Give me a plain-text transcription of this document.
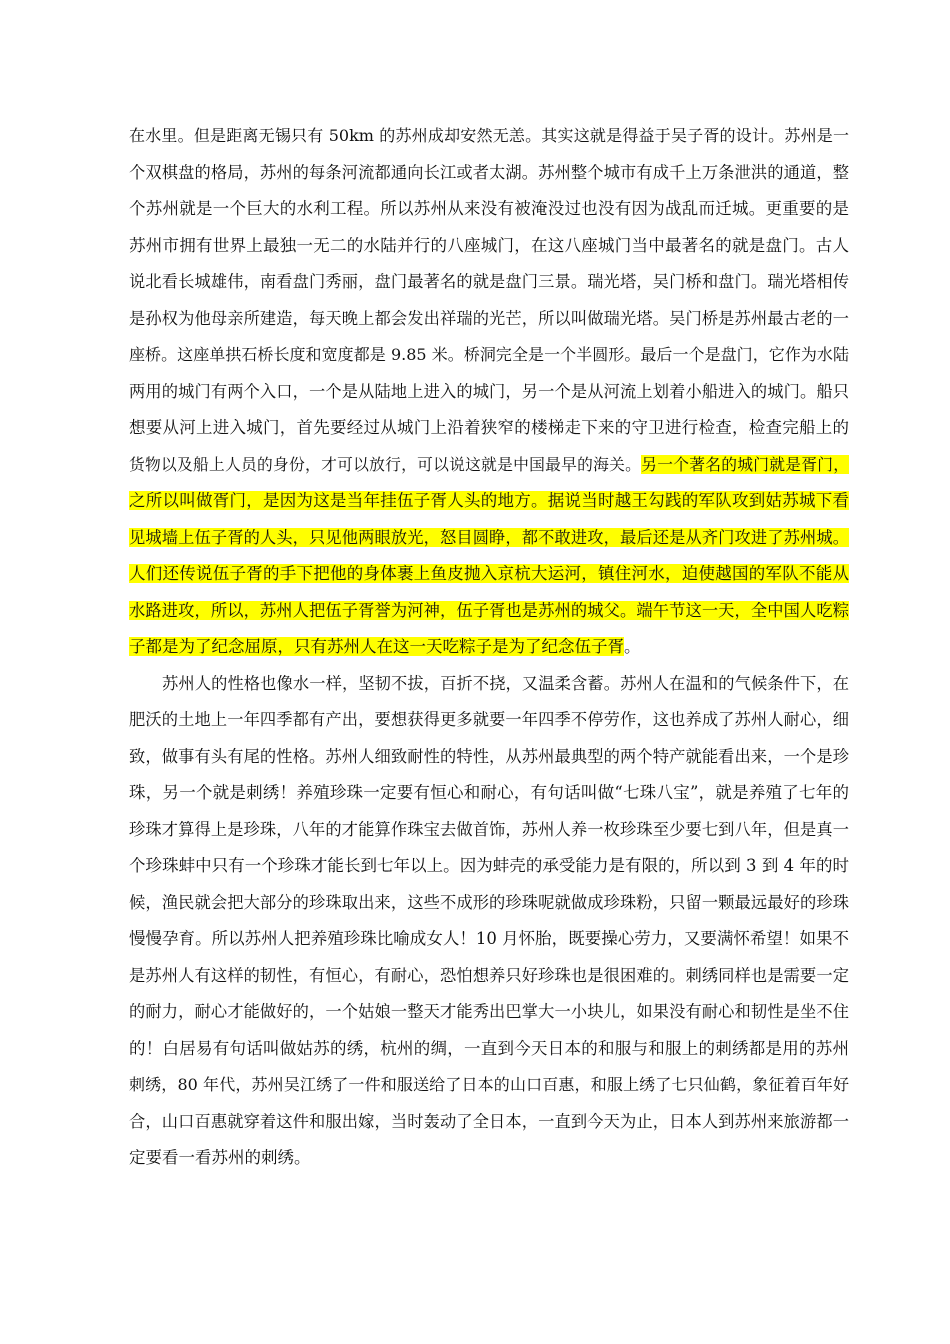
在水里。但是距离无锡只有 50km 的苏州成却安然无恙。其实这就是得益于吴子胥的设计。苏州是一
个双棋盘的格局，苏州的每条河流都通向长江或者太湖。苏州整个城市有成千上万条泄洪的通道，整
个苏州就是一个巨大的水利工程。所以苏州从来没有被淹没过也没有因为战乱而迁城。更重要的是
苏州市拥有世界上最独一无二的水陆并行的八座城门，在这八座城门当中最著名的就是盘门。古人
说北看长城雄伟，南看盘门秀丽，盘门最著名的就是盘门三景。瑞光塔，吴门桥和盘门。瑞光塔相传
是孙权为他母亲所建造，每天晚上都会发出祥瑞的光芒，所以叫做瑞光塔。吴门桥是苏州最古老的一
座桥。这座单拱石桥长度和宽度都是 9.85 米。桥洞完全是一个半圆形。最后一个是盘门，它作为水陆
两用的城门有两个入口，一个是从陆地上进入的城门，另一个是从河流上划着小船进入的城门。船只
想要从河上进入城门，首先要经过从城门上沿着狭窄的楼梯走下来的守卫进行检查，检查完船上的
货物以及船上人员的身份，才可以放行，可以说这就是中国最早的海关。另一个著名的城门就是胥门，
之所以叫做胥门，是因为这是当年挂伍子胥人头的地方。据说当时越王勾践的军队攻到姑苏城下看
见城墙上伍子胥的人头，只见他两眼放光，怒目圆睁，都不敢进攻，最后还是从齐门攻进了苏州城。
人们还传说伍子胥的手下把他的身体裹上鱼皮抛入京杭大运河，镇住河水，迫使越国的军队不能从
水路进攻，所以，苏州人把伍子胥誉为河神，伍子胥也是苏州的城父。端午节这一天，全中国人吃粽
子都是为了纪念屈原，只有苏州人在这一天吃粽子是为了纪念伍子胥。
苏州人的性格也像水一样，坚韧不拔，百折不挠，又温柔含蓄。苏州人在温和的气候条件下，在
肥沃的土地上一年四季都有产出，要想获得更多就要一年四季不停劳作，这也养成了苏州人耐心，细
致，做事有头有尾的性格。苏州人细致耐性的特性，从苏州最典型的两个特产就能看出来，一个是珍
珠，另一个就是刺绣！养殖珍珠一定要有恒心和耐心，有句话叫做“七珠八宝”，就是养殖了七年的
珍珠才算得上是珍珠，八年的才能算作珠宝去做首饰，苏州人养一枚珍珠至少要七到八年，但是真一
个珍珠蚌中只有一个珍珠才能长到七年以上。因为蚌壳的承受能力是有限的，所以到 3 到 4 年的时
候，渔民就会把大部分的珍珠取出来，这些不成形的珍珠呢就做成珍珠粉，只留一颗最远最好的珍珠
慢慢孕育。所以苏州人把养殖珍珠比喻成女人！10 月怀胎，既要操心劳力，又要满怀希望！如果不
是苏州人有这样的韧性，有恒心，有耐心，恐怕想养只好珍珠也是很困难的。刺绣同样也是需要一定
的耐力，耐心才能做好的，一个姑娘一整天才能秀出巴掌大一小块儿，如果没有耐心和韧性是坐不住
的！白居易有句话叫做姑苏的绣，杭州的绸，一直到今天日本的和服与和服上的刺绣都是用的苏州
刺绣，80 年代，苏州吴江绣了一件和服送给了日本的山口百惠，和服上绣了七只仙鹤，象征着百年好
合，山口百惠就穿着这件和服出嫁，当时轰动了全日本，一直到今天为止，日本人到苏州来旅游都一
定要看一看苏州的刺绣。
